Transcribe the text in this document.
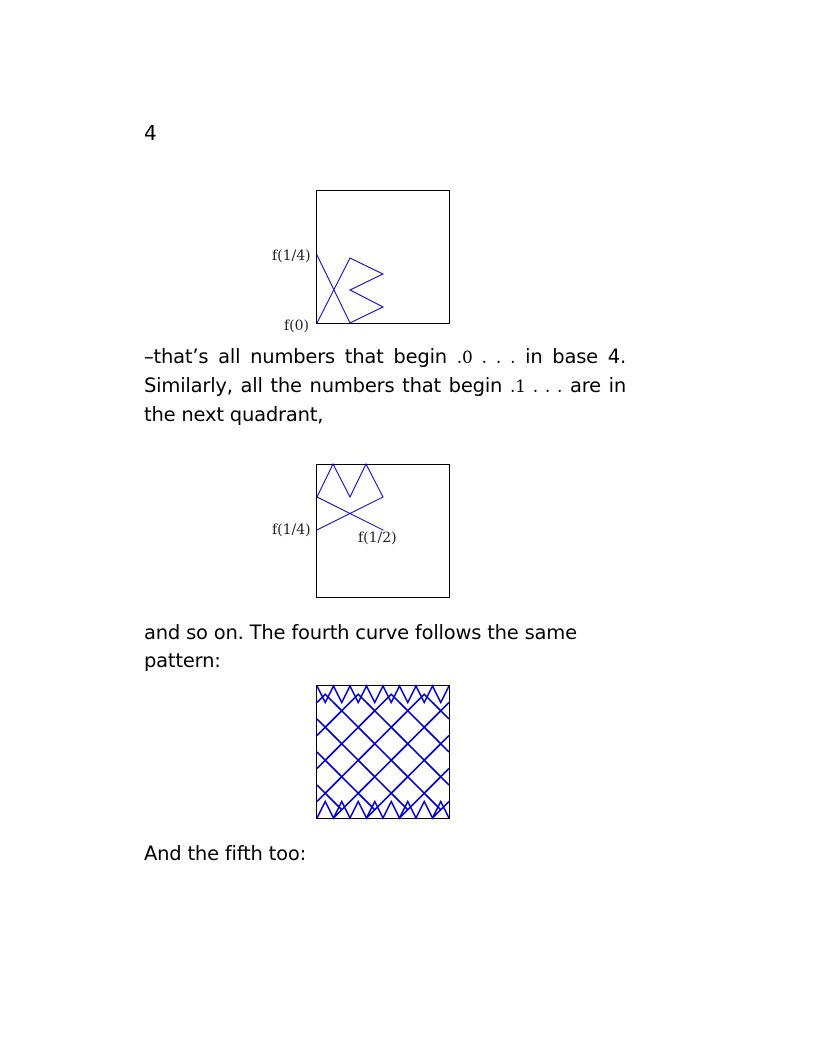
4
f(1/4)
f(0)

–that’s all numbers that begin .0 . . . in base 4. Similarly, all the numbers that begin .1 . . . are in the next quadrant,

f(1/4)	f(1/2)

and so on. The fourth curve follows the same pattern:

And the fifth too:
